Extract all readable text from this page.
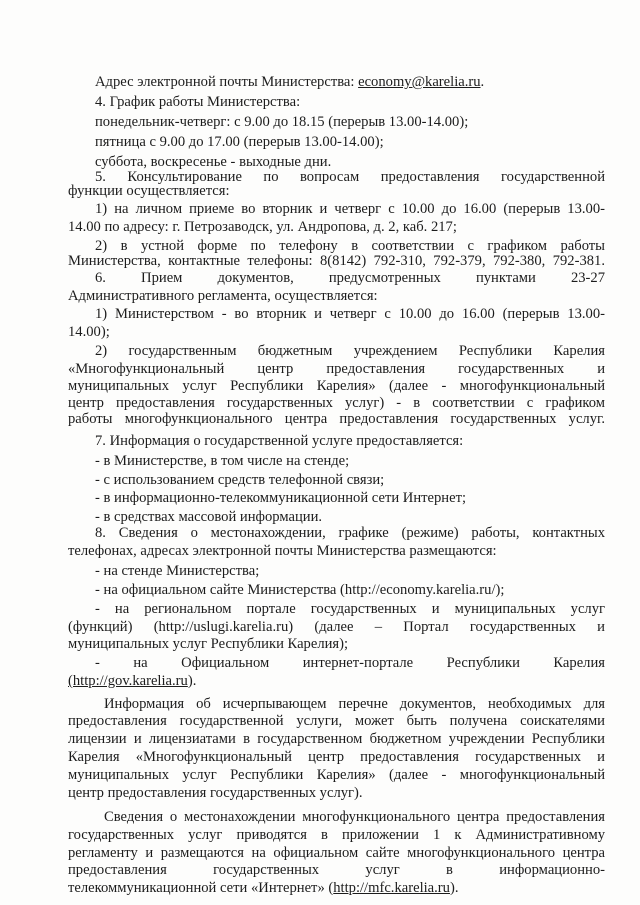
Адрес электронной почты Министерства: economy@karelia.ru.
4. График работы Министерства:
понедельник-четверг: с 9.00 до 18.15 (перерыв 13.00-14.00);
пятница с 9.00 до 17.00 (перерыв 13.00-14.00);
суббота, воскресенье - выходные дни.
5. Консультирование по вопросам предоставления государственной
функции осуществляется:
1) на личном приеме во вторник и четверг с 10.00 до 16.00 (перерыв 13.00-
14.00 по адресу: г. Петрозаводск, ул. Андропова, д. 2, каб. 217;
2) в устной форме по телефону в соответствии с графиком работы
Министерства, контактные телефоны: 8(8142) 792-310, 792-379, 792-380, 792-381.
6. Прием документов, предусмотренных пунктами 23-27
Административного регламента, осуществляется:
1) Министерством - во вторник и четверг с 10.00 до 16.00 (перерыв 13.00-
14.00);
2) государственным бюджетным учреждением Республики Карелия
«Многофункциональный центр предоставления государственных и
муниципальных услуг Республики Карелия» (далее - многофункциональный
центр предоставления государственных услуг) - в соответствии с графиком
работы многофункционального центра предоставления государственных услуг.
7. Информация о государственной услуге предоставляется:
- в Министерстве, в том числе на стенде;
- с использованием средств телефонной связи;
- в информационно-телекоммуникационной сети Интернет;
- в средствах массовой информации.
8. Сведения о местонахождении, графике (режиме) работы, контактных
телефонах, адресах электронной почты Министерства размещаются:
- на стенде Министерства;
- на официальном сайте Министерства (http://economy.karelia.ru/);
- на региональном портале государственных и муниципальных услуг
(функций) (http://uslugi.karelia.ru) (далее – Портал государственных и
муниципальных услуг Республики Карелия);
- на Официальном интернет-портале Республики Карелия
(http://gov.karelia.ru).
Информация об исчерпывающем перечне документов, необходимых для
предоставления государственной услуги, может быть получена соискателями
лицензии и лицензиатами в государственном бюджетном учреждении Республики
Карелия «Многофункциональный центр предоставления государственных и
муниципальных услуг Республики Карелия» (далее - многофункциональный
центр предоставления государственных услуг).
Сведения о местонахождении многофункционального центра предоставления
государственных услуг приводятся в приложении 1 к Административному
регламенту и размещаются на официальном сайте многофункционального центра
предоставления государственных услуг в информационно-
телекоммуникационной сети «Интернет» (http://mfc.karelia.ru).
